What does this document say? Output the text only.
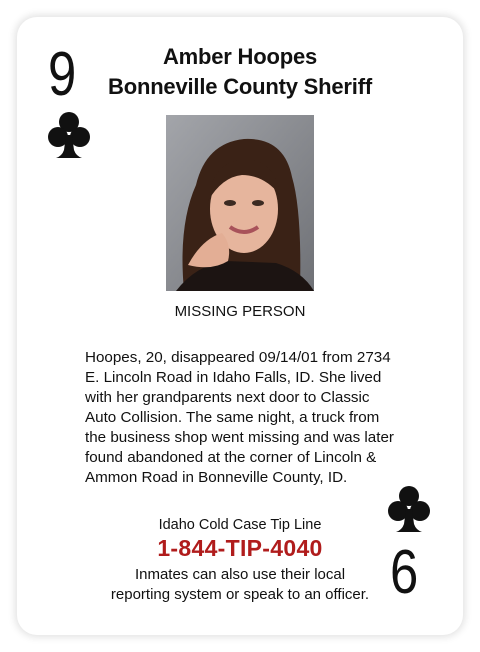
9	Amber Hoopes
Bonneville County Sheriff
MISSING PERSON
Hoopes, 20, disappeared 09/14/01 from 2734 E. Lincoln Road in Idaho Falls, ID. She lived with her grandparents next door to Classic Auto Collision. The same night, a truck from the business shop went missing and was later found abandoned at the corner of Lincoln & Ammon Road in Bonneville County, ID.
Idaho Cold Case Tip Line
1-844-TIP-4040
Inmates can also use their local
reporting system or speak to an officer. 6
